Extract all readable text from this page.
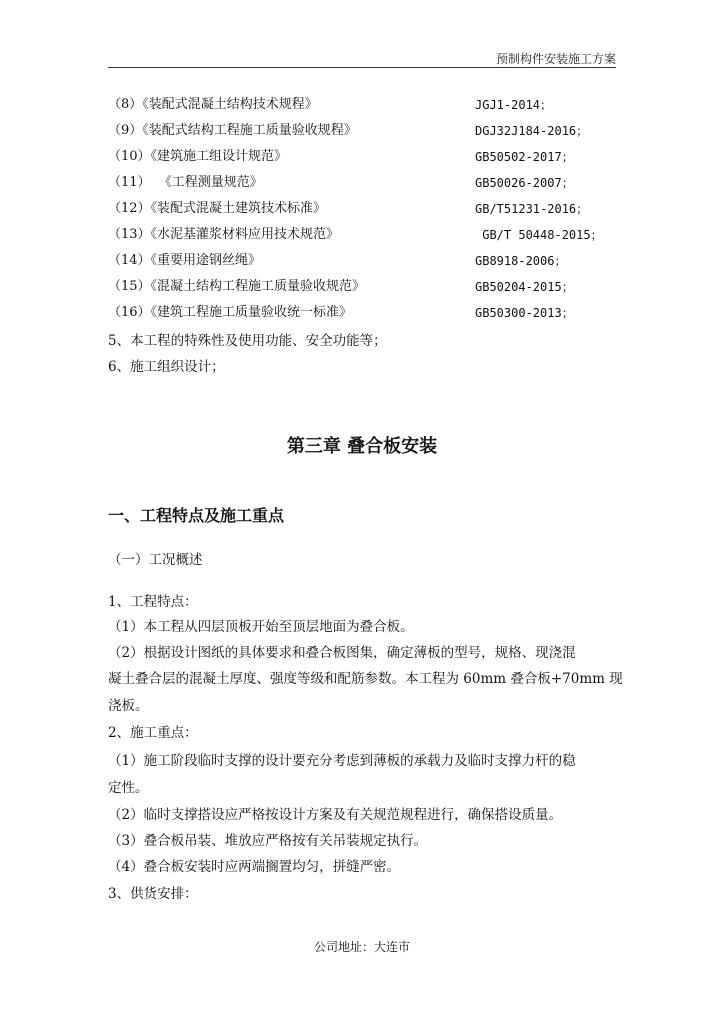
预制构件安装施工方案
（8）《装配式混凝土结构技术规程》	JGJ1-2014；
（9）《装配式结构工程施工质量验收规程》	DGJ32J184-2016；
（10）《建筑施工组设计规范》	GB50502-2017；
（11）  《工程测量规范》	GB50026-2007；
（12）《装配式混凝土建筑技术标准》	GB/T51231-2016；
（13）《水泥基灌浆材料应用技术规范》	GB/T 50448-2015；
（14）《重要用途钢丝绳》	GB8918-2006；
（15）《混凝土结构工程施工质量验收规范》	GB50204-2015；
（16）《建筑工程施工质量验收统一标准》	GB50300-2013；
5、本工程的特殊性及使用功能、安全功能等；
6、施工组织设计；
第三章 叠合板安装
一、工程特点及施工重点
（一）工况概述
1、工程特点：
（1）本工程从四层顶板开始至顶层地面为叠合板。
（2）根据设计图纸的具体要求和叠合板图集，确定薄板的型号，规格、现浇混
凝土叠合层的混凝土厚度、强度等级和配筋参数。本工程为 60mm 叠合板+70mm 现
浇板。
2、施工重点：
（1）施工阶段临时支撑的设计要充分考虑到薄板的承载力及临时支撑力杆的稳
定性。
（2）临时支撑搭设应严格按设计方案及有关规范规程进行，确保搭设质量。
（3）叠合板吊装、堆放应严格按有关吊装规定执行。
（4）叠合板安装时应两端搁置均匀，拼缝严密。
3、供货安排：
公司地址：大连市
